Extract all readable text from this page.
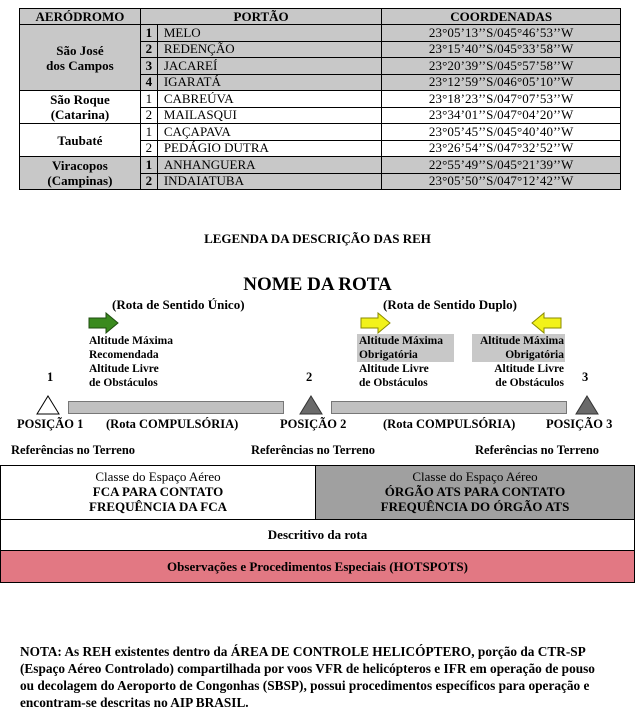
AERÓDROMO	PORTÃO		COORDENADAS
São José
dos Campos	1	MELO	23°05’13’’S/045°46’53’’W
	2	REDENÇÃO	23°15’40’’S/045°33’58’’W
	3	JACAREÍ	23°20’39’’S/045°57’58’’W
	4	IGARATÁ	23°12’59’’S/046°05’10’’W
São Roque
(Catarina)	1	CABREÚVA	23°18’23’’S/047°07’53’’W
	2	MAILASQUI	23°34’01’’S/047°04’20’’W
Taubaté	1	CAÇAPAVA	23°05’45’’S/045°40’40’’W
	2	PEDÁGIO DUTRA	23°26’54’’S/047°32’52’’W
Viracopos
(Campinas)	1	ANHANGUERA	22°55’49’’S/045°21’39’’W
	2	INDAIATUBA	23°05’50’’S/047°12’42’’W
LEGENDA DA DESCRIÇÃO DAS REH
NOME DA ROTA
(Rota de Sentido Único)	(Rota de Sentido Duplo)
Altitude Máxima
Recomendada
Altitude Livre
de Obstáculos
Altitude Máxima
Obrigatória
Altitude Livre
de Obstáculos
Altitude Máxima
Obrigatória
Altitude Livre
de Obstáculos
1	2	3
POSIÇÃO 1	POSIÇÃO 2	POSIÇÃO 3
(Rota COMPULSÓRIA)	(Rota COMPULSÓRIA)
Referências no Terreno	Referências no Terreno	Referências no Terreno
Classe do Espaço Aéreo
FCA PARA CONTATO
FREQUÊNCIA DA FCA
Classe do Espaço Aéreo
ÓRGÃO ATS PARA CONTATO
FREQUÊNCIA DO ÓRGÃO ATS
Descritivo da rota
Observações e Procedimentos Especiais (HOTSPOTS)
NOTA: As REH existentes dentro da ÁREA DE CONTROLE HELICÓPTERO, porção da CTR-SP (Espaço Aéreo Controlado) compartilhada por voos VFR de helicópteros e IFR em operação de pouso ou decolagem do Aeroporto de Congonhas (SBSP), possui procedimentos específicos para operação e encontram-se descritas no AIP BRASIL.
